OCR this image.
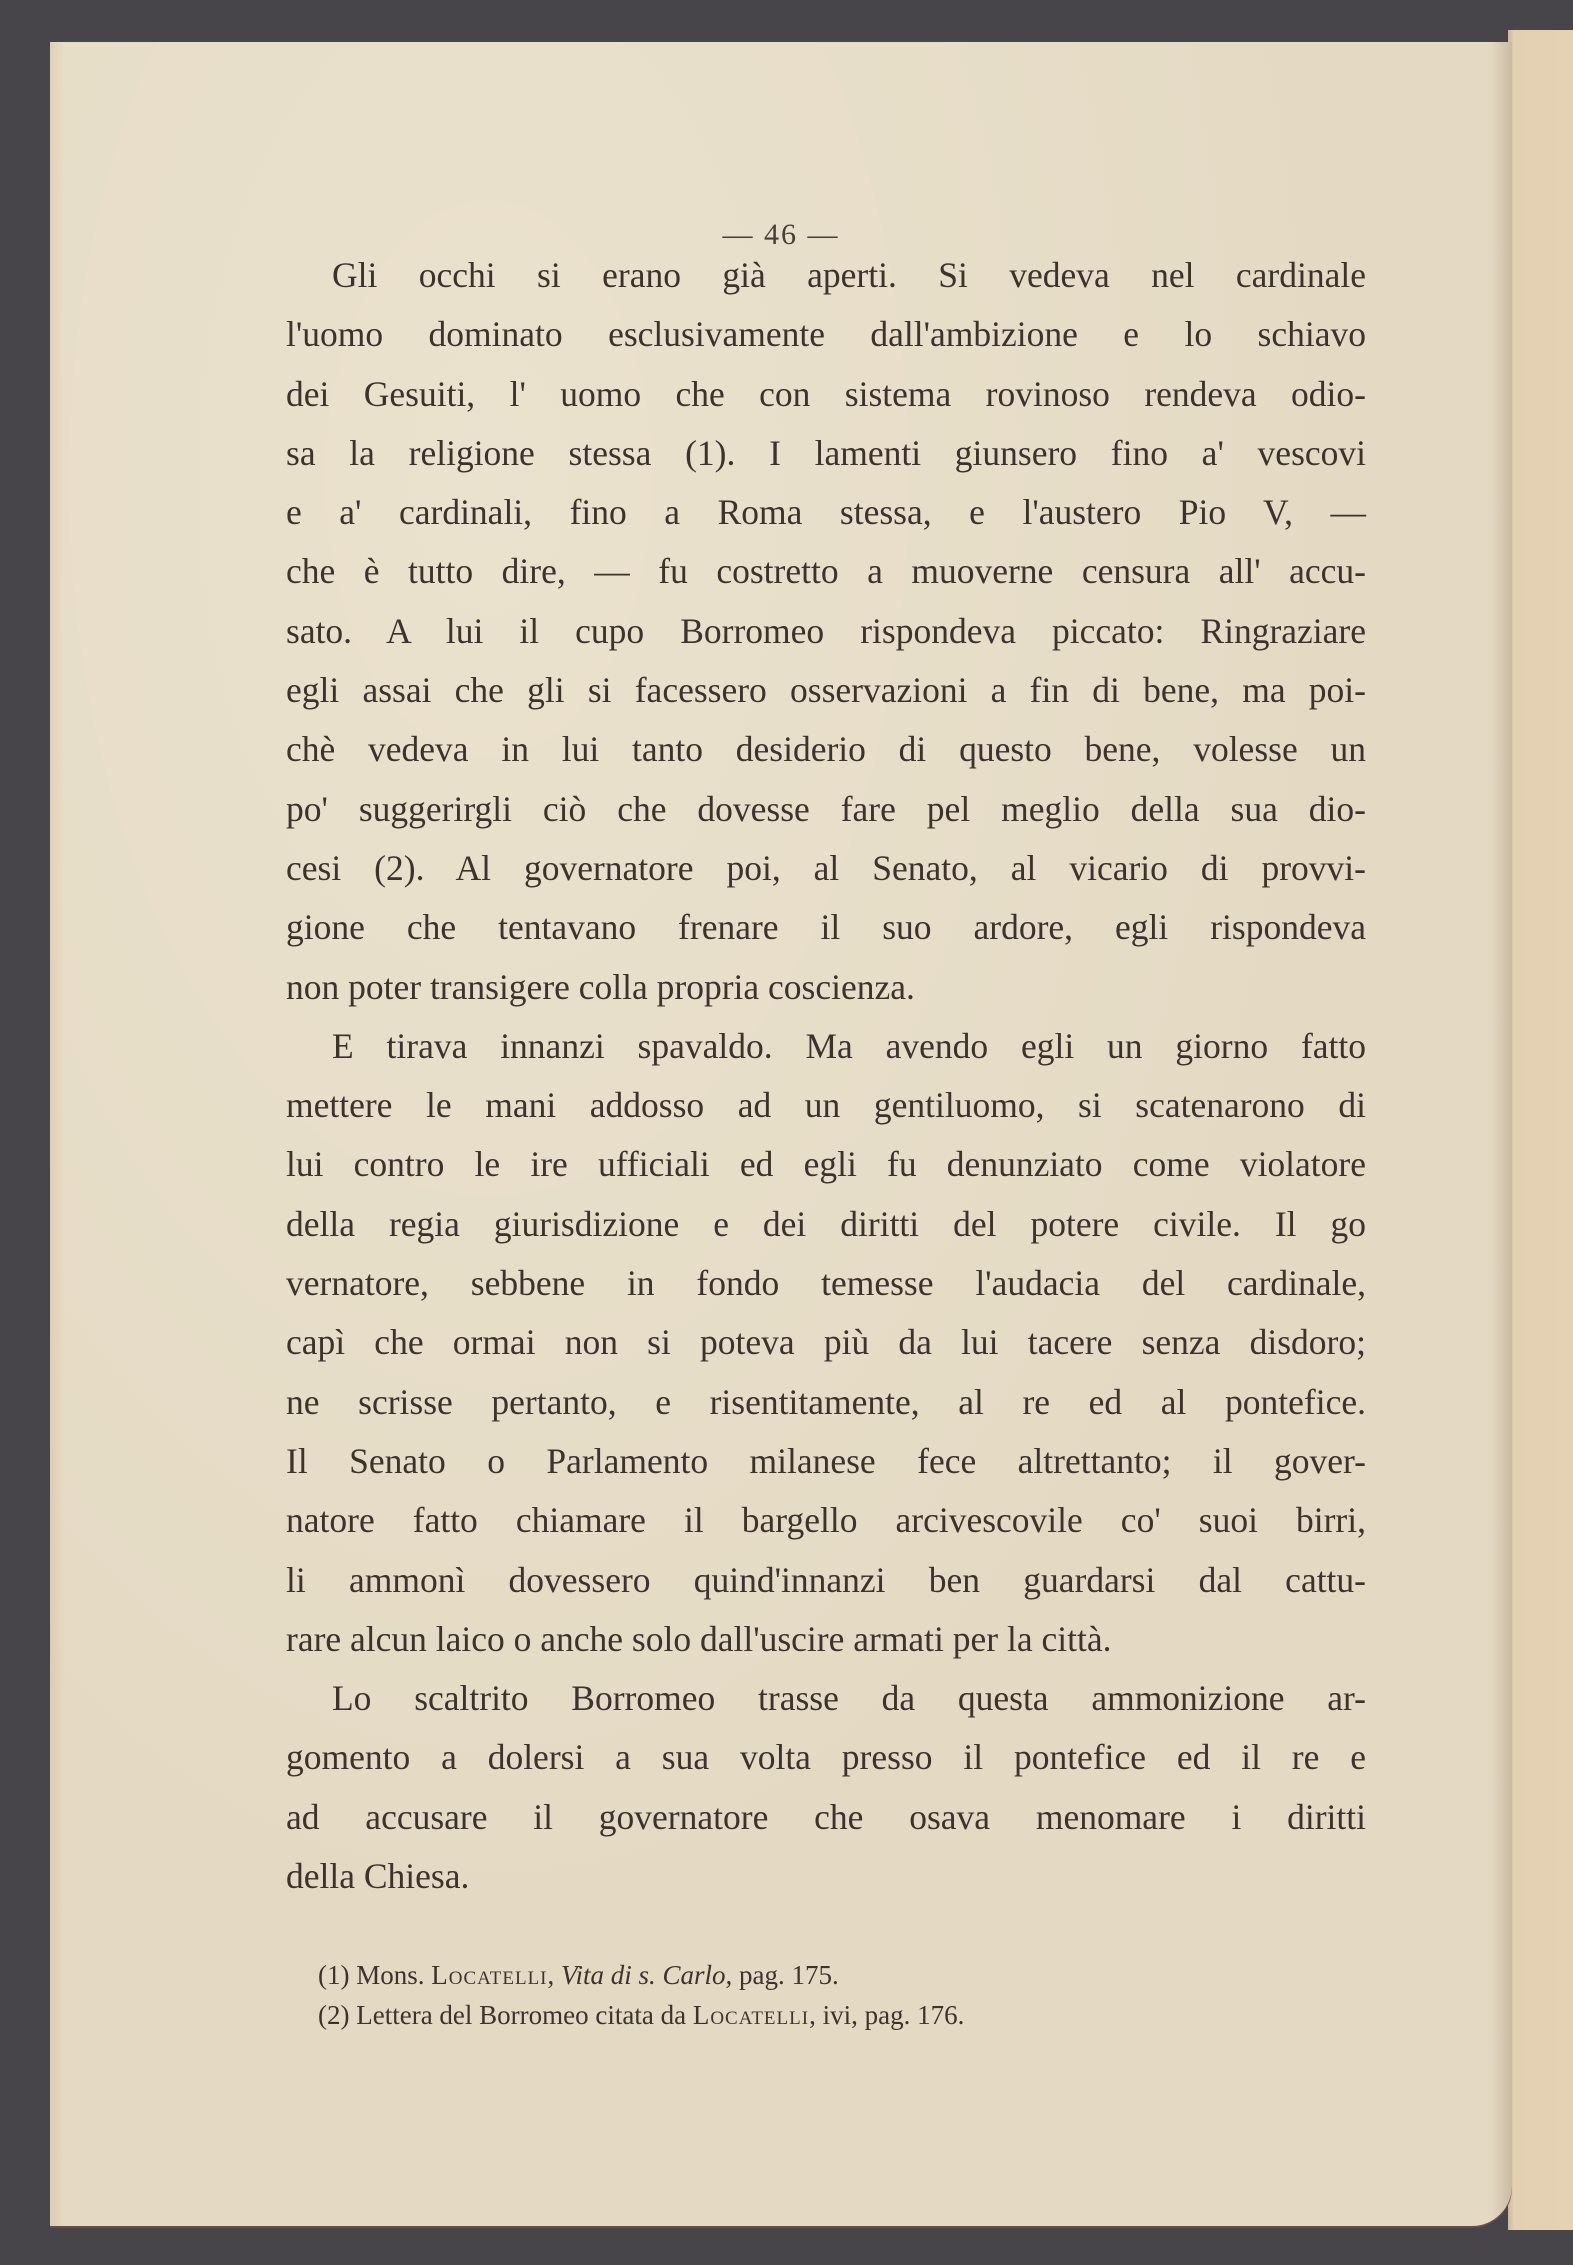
— 46 —
Gli occhi si erano già aperti. Si vedeva nel cardinale
l'uomo dominato esclusivamente dall'ambizione e lo schiavo
dei Gesuiti, l' uomo che con sistema rovinoso rendeva odio-
sa la religione stessa (1). I lamenti giunsero fino a' vescovi
e a' cardinali, fino a Roma stessa, e l'austero Pio V, —
che è tutto dire, — fu costretto a muoverne censura all' accu-
sato. A lui il cupo Borromeo rispondeva piccato: Ringraziare
egli assai che gli si facessero osservazioni a fin di bene, ma poi-
chè vedeva in lui tanto desiderio di questo bene, volesse un
po' suggerirgli ciò che dovesse fare pel meglio della sua dio-
cesi (2). Al governatore poi, al Senato, al vicario di provvi-
gione che tentavano frenare il suo ardore, egli rispondeva
non poter transigere colla propria coscienza.
E tirava innanzi spavaldo. Ma avendo egli un giorno fatto
mettere le mani addosso ad un gentiluomo, si scatenarono di
lui contro le ire ufficiali ed egli fu denunziato come violatore
della regia giurisdizione e dei diritti del potere civile. Il go
vernatore, sebbene in fondo temesse l'audacia del cardinale,
capì che ormai non si poteva più da lui tacere senza disdoro;
ne scrisse pertanto, e risentitamente, al re ed al pontefice.
Il Senato o Parlamento milanese fece altrettanto; il gover-
natore fatto chiamare il bargello arcivescovile co' suoi birri,
li ammonì dovessero quind'innanzi ben guardarsi dal cattu-
rare alcun laico o anche solo dall'uscire armati per la città.
Lo scaltrito Borromeo trasse da questa ammonizione ar-
gomento a dolersi a sua volta presso il pontefice ed il re e
ad accusare il governatore che osava menomare i diritti
della Chiesa.
(1) Mons. Locatelli, Vita di s. Carlo, pag. 175.
(2) Lettera del Borromeo citata da Locatelli, ivi, pag. 176.
